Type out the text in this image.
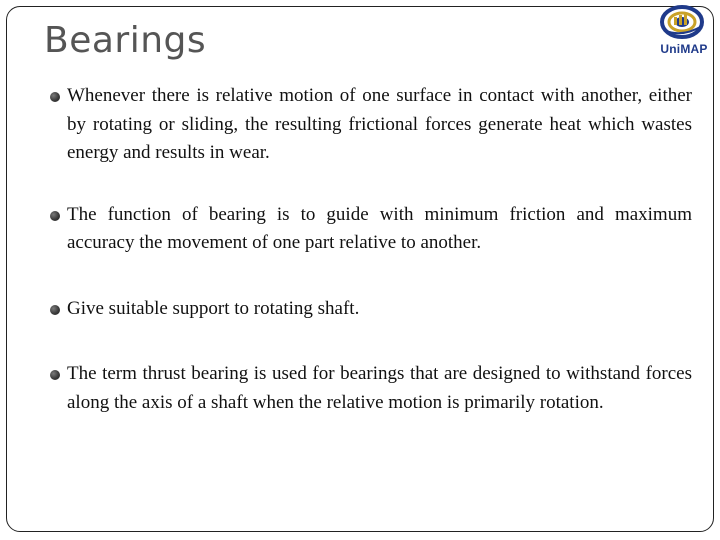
Bearings	UniMAP
Whenever there is relative motion of one surface in contact with another, either by rotating or sliding, the resulting frictional forces generate heat which wastes energy and results in wear.
The function of bearing is to guide with minimum friction and maximum accuracy the movement of one part relative to another.
Give suitable support to rotating shaft.
The term thrust bearing is used for bearings that are designed to withstand forces along the axis of a shaft when the relative motion is primarily rotation.
